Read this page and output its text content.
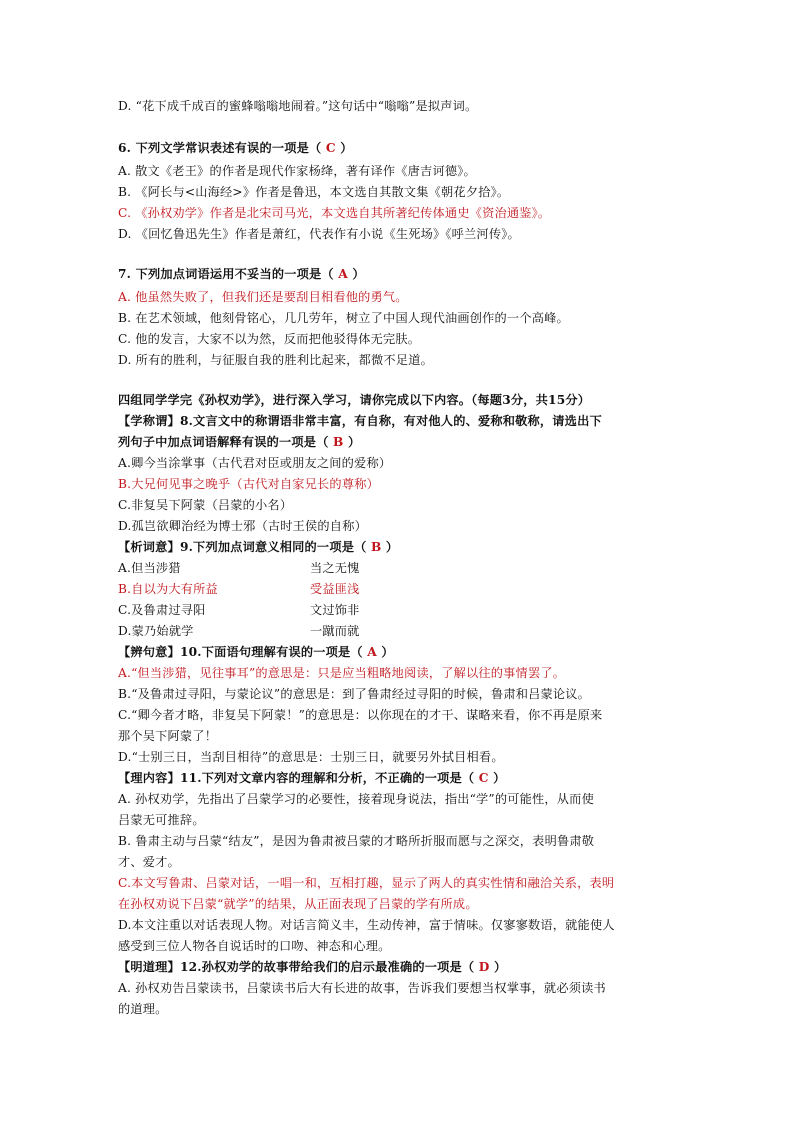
D. “花下成千成百的蜜蜂嗡嗡地闹着。”这句话中“嗡嗡”是拟声词。
6. 下列文学常识表述有误的一项是（ C ）
A. 散文《老王》的作者是现代作家杨绛，著有译作《唐吉诃德》。
B. 《阿长与<山海经>》作者是鲁迅，本文选自其散文集《朝花夕拾》。
C. 《孙权劝学》作者是北宋司马光，本文选自其所著纪传体通史《资治通鉴》。
D. 《回忆鲁迅先生》作者是萧红，代表作有小说《生死场》《呼兰河传》。
7. 下列加点词语运用不妥当的一项是（ A ）
A. 他虽然失败了，但我们还是要刮目相看他的勇气。
B. 在艺术领域，他刻骨铭心，几几劳年，树立了中国人现代油画创作的一个高峰。
C. 他的发言，大家不以为然，反而把他驳得体无完肤。
D. 所有的胜利，与征服自我的胜利比起来，都微不足道。
四组同学学完《孙权劝学》，进行深入学习，请你完成以下内容。（每题3分，共15分）
【学称谓】8.文言文中的称谓语非常丰富，有自称，有对他人的、爱称和敬称，请选出下
列句子中加点词语解释有误的一项是（ B ）
A.卿今当涂掌事（古代君对臣或朋友之间的爱称）
B.大兄何见事之晚乎（古代对自家兄长的尊称）
C.非复吴下阿蒙（吕蒙的小名）
D.孤岂欲卿治经为博士邪（古时王侯的自称）
【析词意】9.下列加点词意义相同的一项是（ B ）
A.但当涉猎	当之无愧
B.自以为大有所益	受益匪浅
C.及鲁肃过寻阳	文过饰非
D.蒙乃始就学	一蹴而就
【辨句意】10.下面语句理解有误的一项是（ A ）
A.“但当涉猎，见往事耳”的意思是：只是应当粗略地阅读，了解以往的事情罢了。
B.“及鲁肃过寻阳，与蒙论议”的意思是：到了鲁肃经过寻阳的时候，鲁肃和吕蒙论议。
C.“卿今者才略，非复吴下阿蒙！”的意思是：以你现在的才干、谋略来看，你不再是原来
那个吴下阿蒙了！
D.“士别三日，当刮目相待”的意思是：士别三日，就要另外拭目相看。
【理内容】11.下列对文章内容的理解和分析，不正确的一项是（ C ）
A. 孙权劝学，先指出了吕蒙学习的必要性，接着现身说法，指出“学”的可能性，从而使
吕蒙无可推辞。
B. 鲁肃主动与吕蒙“结友”，是因为鲁肃被吕蒙的才略所折服而愿与之深交，表明鲁肃敬
才、爱才。
C.本文写鲁肃、吕蒙对话，一唱一和，互相打趣，显示了两人的真实性情和融洽关系，表明
在孙权劝说下吕蒙“就学”的结果，从正面表现了吕蒙的学有所成。
D.本文注重以对话表现人物。对话言简义丰，生动传神，富于情味。仅寥寥数语，就能使人
感受到三位人物各自说话时的口吻、神态和心理。
【明道理】12.孙权劝学的故事带给我们的启示最准确的一项是（ D ）
A. 孙权劝告吕蒙读书，吕蒙读书后大有长进的故事，告诉我们要想当权掌事，就必须读书
的道理。
